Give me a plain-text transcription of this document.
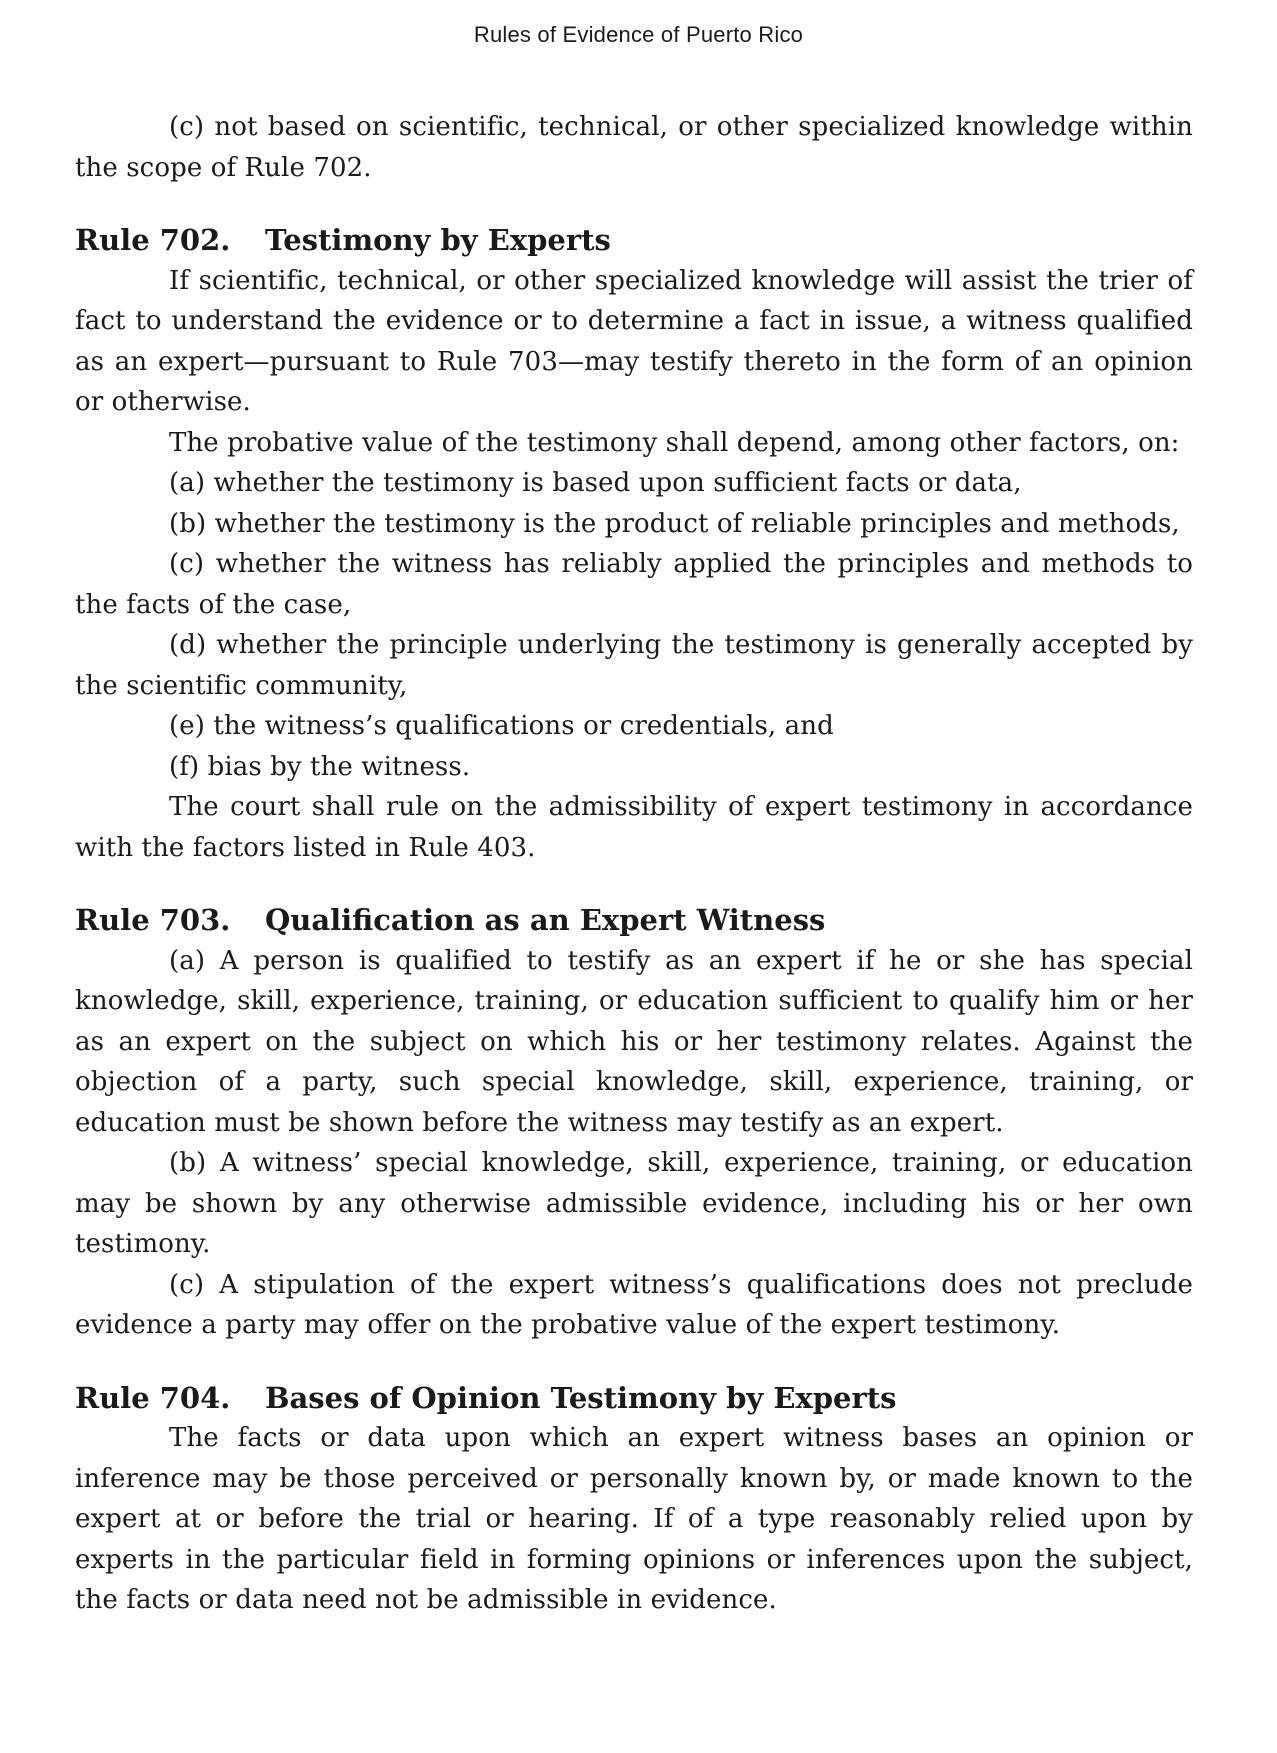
Rules of Evidence of Puerto Rico

(c) not based on scientific, technical, or other specialized knowledge within the scope of Rule 702.

Rule 702. Testimony by Experts

If scientific, technical, or other specialized knowledge will assist the trier of fact to understand the evidence or to determine a fact in issue, a witness qualified as an expert—pursuant to Rule 703—may testify thereto in the form of an opinion or otherwise.

The probative value of the testimony shall depend, among other factors, on:

(a) whether the testimony is based upon sufficient facts or data,

(b) whether the testimony is the product of reliable principles and methods,

(c) whether the witness has reliably applied the principles and methods to the facts of the case,

(d) whether the principle underlying the testimony is generally accepted by the scientific community,

(e) the witness’s qualifications or credentials, and

(f) bias by the witness.

The court shall rule on the admissibility of expert testimony in accordance with the factors listed in Rule 403.

Rule 703. Qualification as an Expert Witness

(a) A person is qualified to testify as an expert if he or she has special knowledge, skill, experience, training, or education sufficient to qualify him or her as an expert on the subject on which his or her testimony relates. Against the objection of a party, such special knowledge, skill, experience, training, or education must be shown before the witness may testify as an expert.

(b) A witness’ special knowledge, skill, experience, training, or education may be shown by any otherwise admissible evidence, including his or her own testimony.

(c) A stipulation of the expert witness’s qualifications does not preclude evidence a party may offer on the probative value of the expert testimony.

Rule 704. Bases of Opinion Testimony by Experts

The facts or data upon which an expert witness bases an opinion or inference may be those perceived or personally known by, or made known to the expert at or before the trial or hearing. If of a type reasonably relied upon by experts in the particular field in forming opinions or inferences upon the subject, the facts or data need not be admissible in evidence.
